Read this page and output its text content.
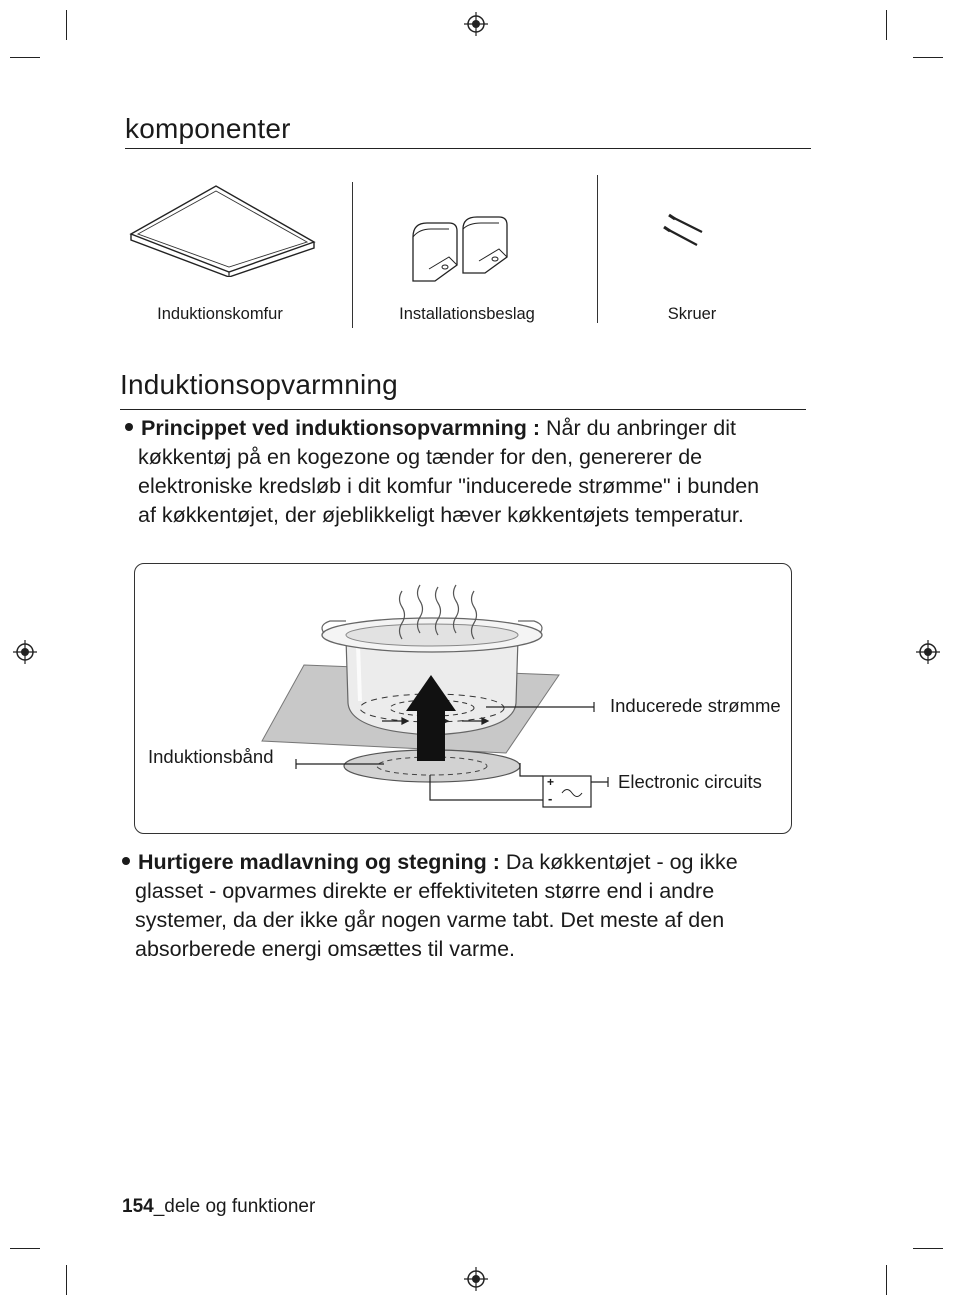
komponenter
Induktionskomfur	Installationsbeslag	Skruer
Induktionsopvarmning
Princippet ved induktionsopvarmning : Når du anbringer dit
køkkentøj på en kogezone og tænder for den, genererer de
elektroniske kredsløb i dit komfur "inducerede strømme" i bunden
af køkkentøjet, der øjeblikkeligt hæver køkkentøjets temperatur.
Inducerede strømme
Induktionsbånd
Electronic circuits
+
-
Hurtigere madlavning og stegning : Da køkkentøjet - og ikke
glasset - opvarmes direkte er effektiviteten større end i andre
systemer, da der ikke går nogen varme tabt. Det meste af den
absorberede energi omsættes til varme.
154_dele og funktioner
